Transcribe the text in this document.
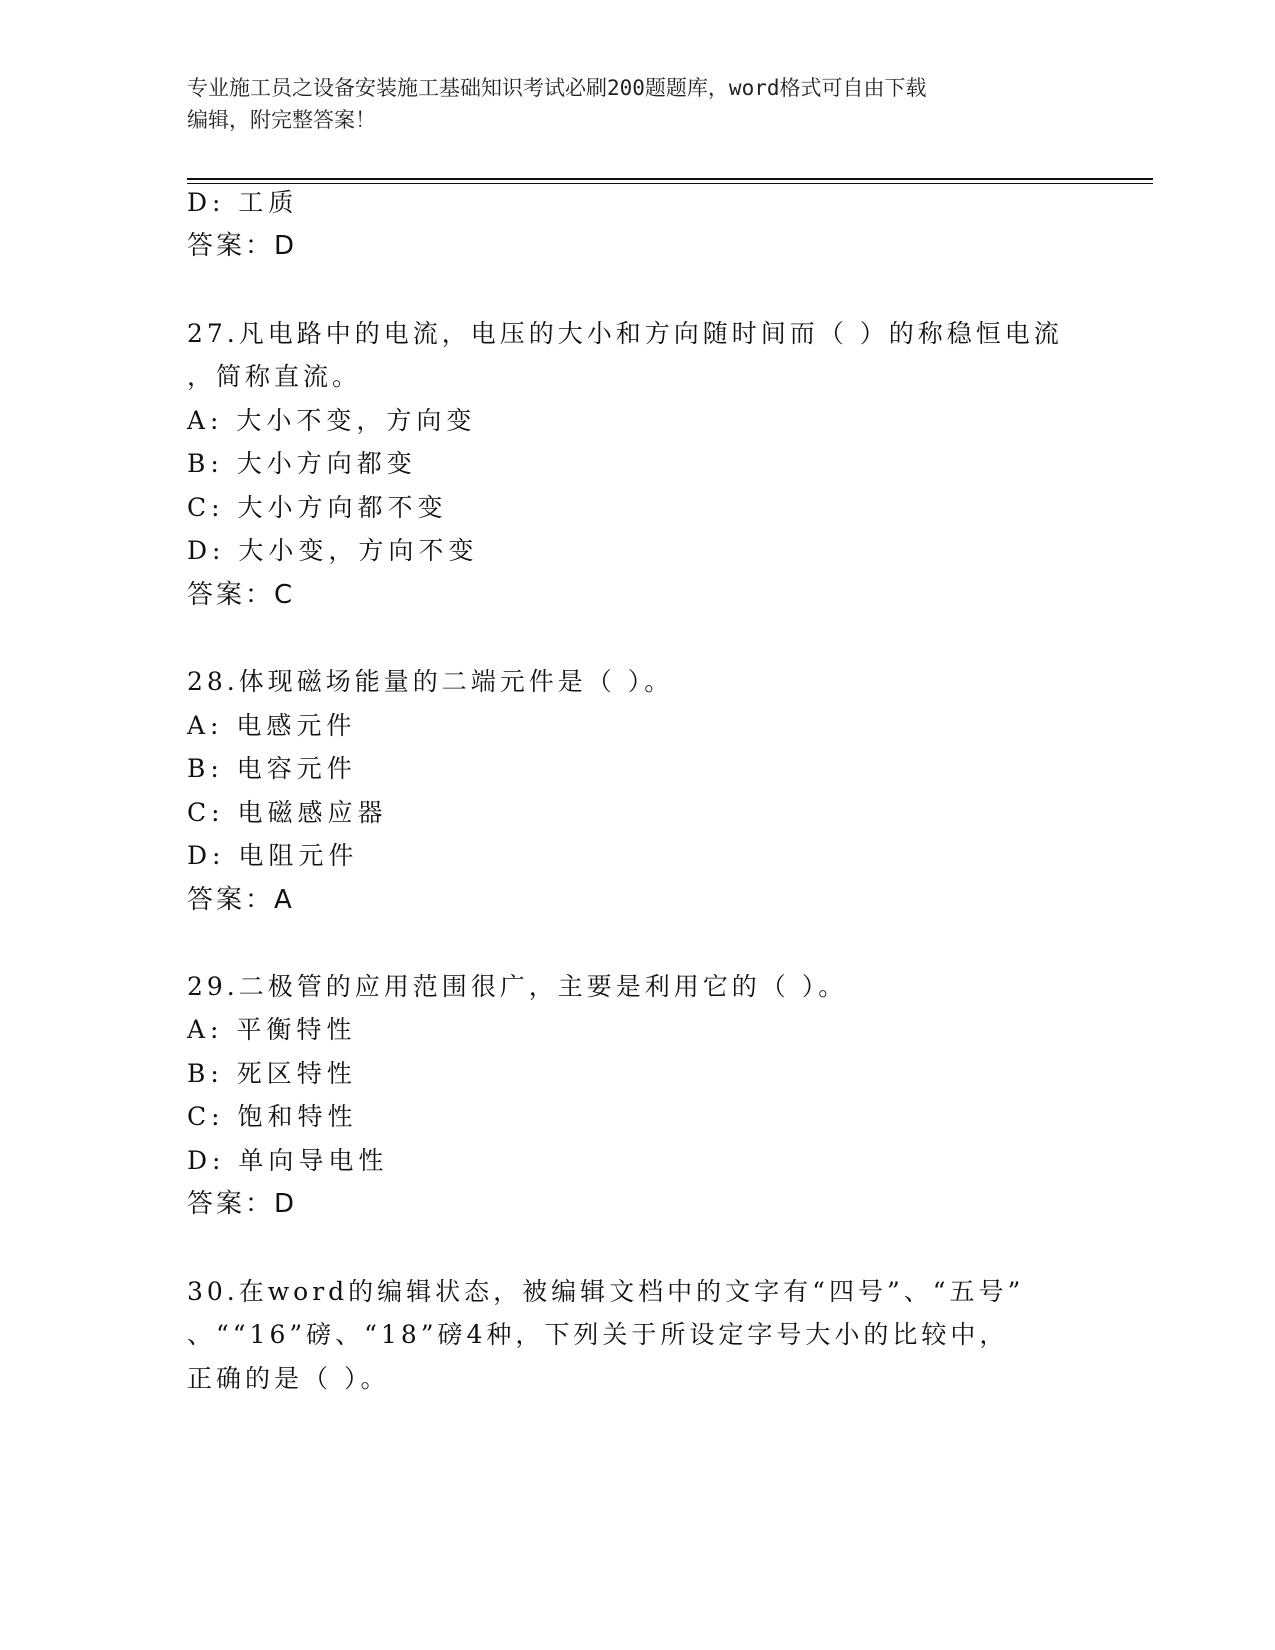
专业施工员之设备安装施工基础知识考试必刷200题题库，word格式可自由下载
编辑，附完整答案！
D: 工质
答案：D
27.凡电路中的电流，电压的大小和方向随时间而（ ）的称稳恒电流
，简称直流。
A: 大小不变，方向变
B: 大小方向都变
C: 大小方向都不变
D: 大小变，方向不变
答案：C
28.体现磁场能量的二端元件是（ ）。
A: 电感元件
B: 电容元件
C: 电磁感应器
D: 电阻元件
答案：A
29.二极管的应用范围很广，主要是利用它的（ ）。
A: 平衡特性
B: 死区特性
C: 饱和特性
D: 单向导电性
答案：D
30.在word的编辑状态，被编辑文档中的文字有“四号”、“五号”
、““16”磅、“18”磅4种，下列关于所设定字号大小的比较中，
正确的是（ ）。
